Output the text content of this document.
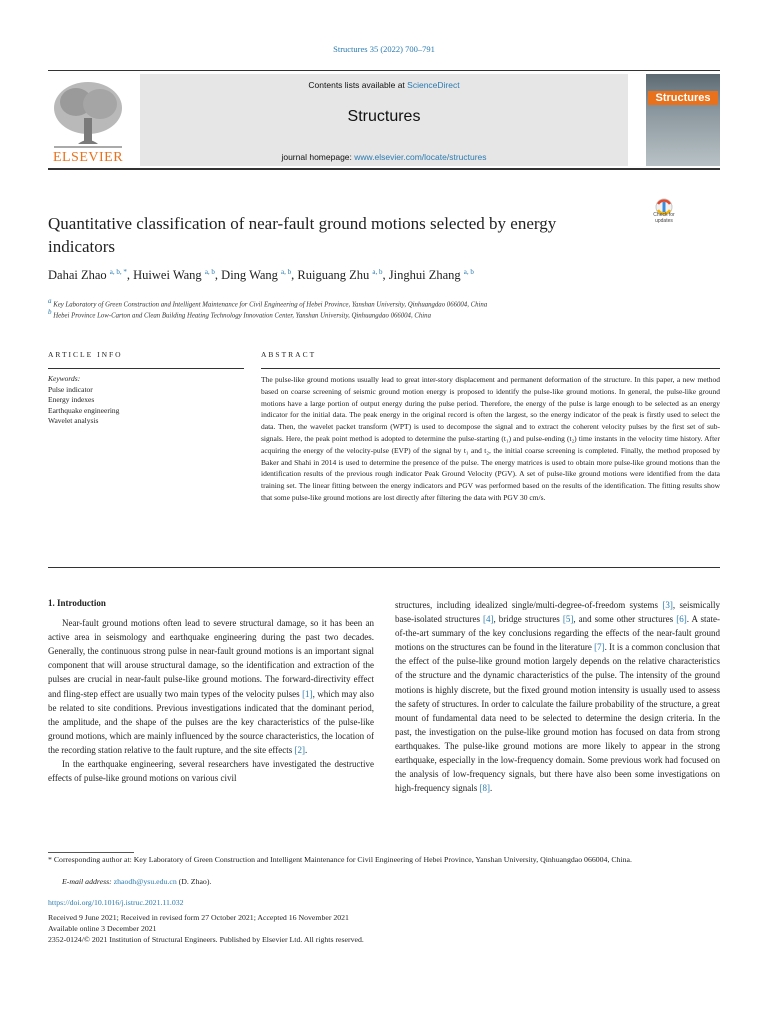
Structures 35 (2022) 700–791
ELSEVIER
Contents lists available at ScienceDirect
Structures
journal homepage: www.elsevier.com/locate/structures
Structures
Check for updates
Quantitative classification of near-fault ground motions selected by energy indicators
Dahai Zhao $^{a, b, *}$, Huiwei Wang $^{a, b}$, Ding Wang $^{a, b}$, Ruiguang Zhu $^{a, b}$, Jinghui Zhang $^{a, b}$
$^a$ Key Laboratory of Green Construction and Intelligent Maintenance for Civil Engineering of Hebei Province, Yanshan University, Qinhuangdao 066004, China
$^b$ Hebei Province Low-Carton and Clean Building Heating Technology Innovation Center, Yanshan University, Qinhuangdao 066004, China
ARTICLE INFO	ABSTRACT
Keywords:
Pulse indicator
Energy indexes
Earthquake engineering
Wavelet analysis
The pulse-like ground motions usually lead to great inter-story displacement and permanent deformation of the structure. In this paper, a new method based on coarse screening of seismic ground motion energy is proposed to identify the pulse-like ground motions. In general, the pulse-like ground motions have a large portion of output energy during the pulse period. Therefore, the energy of the pulse is large enough to be selected as an energy indicator for the initial data. The peak energy in the original record is often the largest, so the energy indicator of the peak is firstly used to select the data. Then, the wavelet packet transform (WPT) is used to decompose the signal and to extract the coherent velocity pulses by the first set of sub-signals. Here, the peak point method is adopted to determine the pulse-starting (t₁) and pulse-ending (t₂) time instants in the velocity time history. After acquiring the energy of the velocity-pulse (EVP) of the signal by t₁ and t₂, the initial coarse screening is completed. Finally, the method proposed by Baker and Shahi in 2014 is used to determine the presence of the pulse. The energy matrices is used to obtain more pulse-like ground motions than the identification results of the previous rough indicator Peak Ground Velocity (PGV). A set of pulse-like ground motions were identified from the data training set. The linear fitting between the energy indicators and PGV was performed based on the results of the identification. The fitting results show that some pulse-like ground motions are lost directly after filtering the data with PGV 30 cm/s.

1. Introduction

Near-fault ground motions often lead to severe structural damage, so it has been an active area in seismology and earthquake engineering during the past two decades. Generally, the continuous strong pulse in near-fault ground motions is an important signal component that will arouse structural damage, so the identification and extraction of the pulses are crucial in near-fault pulse-like ground motions. The forward-directivity effect and fling-step effect are usually two main types of the velocity pulses [1], which may also be related to site conditions. Previous investigations indicated that the dominant period, the amplitude, and the shape of the pulses are the key characteristics of the pulse-like ground motions, which are mainly influenced by the source characteristics, the location of the recording station relative to the fault rupture, and the site effects [2].

In the earthquake engineering, several researchers have investigated the destructive effects of pulse-like ground motions on various civil

structures, including idealized single/multi-degree-of-freedom systems [3], seismically base-isolated structures [4], bridge structures [5], and some other structures [6]. A state-of-the-art summary of the key conclusions regarding the effects of the near-fault ground motions on the structures can be found in the literature [7]. It is a common conclusion that the effect of the pulse-like ground motion largely depends on the relative characteristics of the structure and the dynamic characteristics of the pulse. The intensity of the ground motions is highly discrete, but the fixed ground motion intensity is usually used to assess the safety of structures. In order to calculate the failure probability of the structure, a great mount of fundamental data need to be selected to determine the design criteria. In the past, the investigation on the pulse-like ground motion has focused on data from strong earthquakes. The pulse-like ground motions are more likely to appear in the strong earthquake, especially in the low-frequency domain. Some previous work had focused on the analysis of low-frequency signals, but there have also been some investigations on high-frequency signals [8].

* Corresponding author at: Key Laboratory of Green Construction and Intelligent Maintenance for Civil Engineering of Hebei Province, Yanshan University, Qinhuangdao 066004, China.
E-mail address: zhaodh@ysu.edu.cn (D. Zhao).
https://doi.org/10.1016/j.istruc.2021.11.032
Received 9 June 2021; Received in revised form 27 October 2021; Accepted 16 November 2021
Available online 3 December 2021
2352-0124/© 2021 Institution of Structural Engineers. Published by Elsevier Ltd. All rights reserved.
